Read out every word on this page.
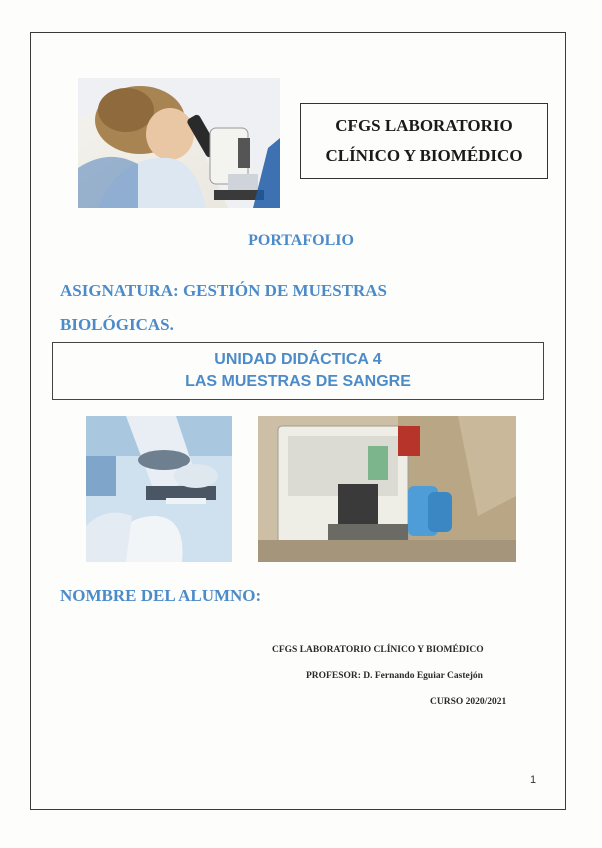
CFGS LABORATORIO
CLÍNICO Y BIOMÉDICO
PORTAFOLIO
ASIGNATURA: GESTIÓN DE MUESTRAS
BIOLÓGICAS.
UNIDAD DIDÁCTICA 4
LAS MUESTRAS DE SANGRE
NOMBRE DEL ALUMNO:
CFGS LABORATORIO CLÍNICO Y BIOMÉDICO
PROFESOR: D. Fernando Eguiar Castejón
CURSO 2020/2021
1
